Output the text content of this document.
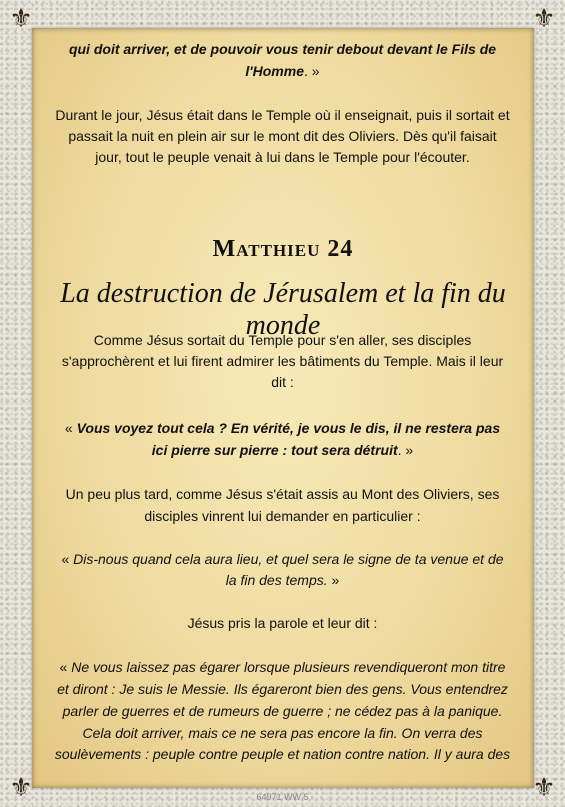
⚜	⚜
⚜	⚜
qui doit arriver, et de pouvoir vous tenir debout devant le Fils de
l'Homme. »
Durant le jour, Jésus était dans le Temple où il enseignait, puis il sortait et
passait la nuit en plein air sur le mont dit des Oliviers. Dès qu'il faisait
jour, tout le peuple venait à lui dans le Temple pour l'écouter.
Matthieu 24
La destruction de Jérusalem et la fin du monde
Comme Jésus sortait du Temple pour s'en aller, ses disciples
s'approchèrent et lui firent admirer les bâtiments du Temple. Mais il leur
dit :
« Vous voyez tout cela ? En vérité, je vous le dis, il ne restera pas
ici pierre sur pierre : tout sera détruit. »
Un peu plus tard, comme Jésus s'était assis au Mont des Oliviers, ses
disciples vinrent lui demander en particulier :
« Dis-nous quand cela aura lieu, et quel sera le signe de ta venue et de
la fin des temps. »
Jésus pris la parole et leur dit :
« Ne vous laissez pas égarer lorsque plusieurs revendiqueront mon titre
et diront : Je suis le Messie. Ils égareront bien des gens. Vous entendrez
parler de guerres et de rumeurs de guerre ; ne cédez pas à la panique.
Cela doit arriver, mais ce ne sera pas encore la fin. On verra des
soulèvements : peuple contre peuple et nation contre nation. Il y aura des
64971 WW 5
